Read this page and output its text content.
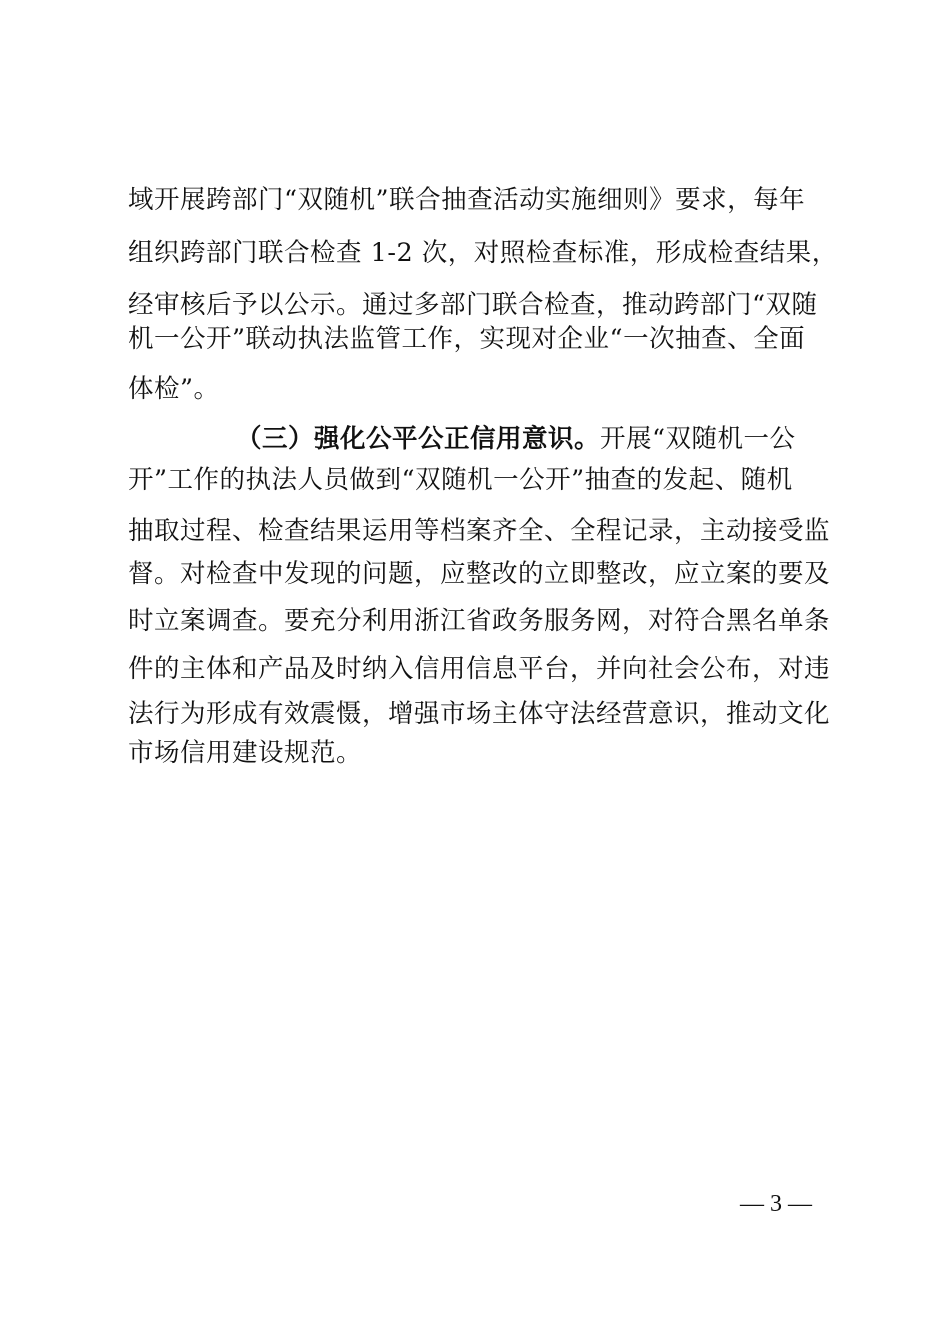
域开展跨部门“双随机”联合抽查活动实施细则》要求，每年
组织跨部门联合检查 1-2 次，对照检查标准，形成检查结果，
经审核后予以公示。通过多部门联合检查，推动跨部门“双随
机一公开”联动执法监管工作，实现对企业“一次抽查、全面
体检”。
（三）强化公平公正信用意识。开展“双随机一公
开”工作的执法人员做到“双随机一公开”抽查的发起、随机
抽取过程、检查结果运用等档案齐全、全程记录，主动接受监
督。对检查中发现的问题，应整改的立即整改，应立案的要及
时立案调查。要充分利用浙江省政务服务网，对符合黑名单条
件的主体和产品及时纳入信用信息平台，并向社会公布，对违
法行为形成有效震慑，增强市场主体守法经营意识，推动文化
市场信用建设规范。
— 3 —
